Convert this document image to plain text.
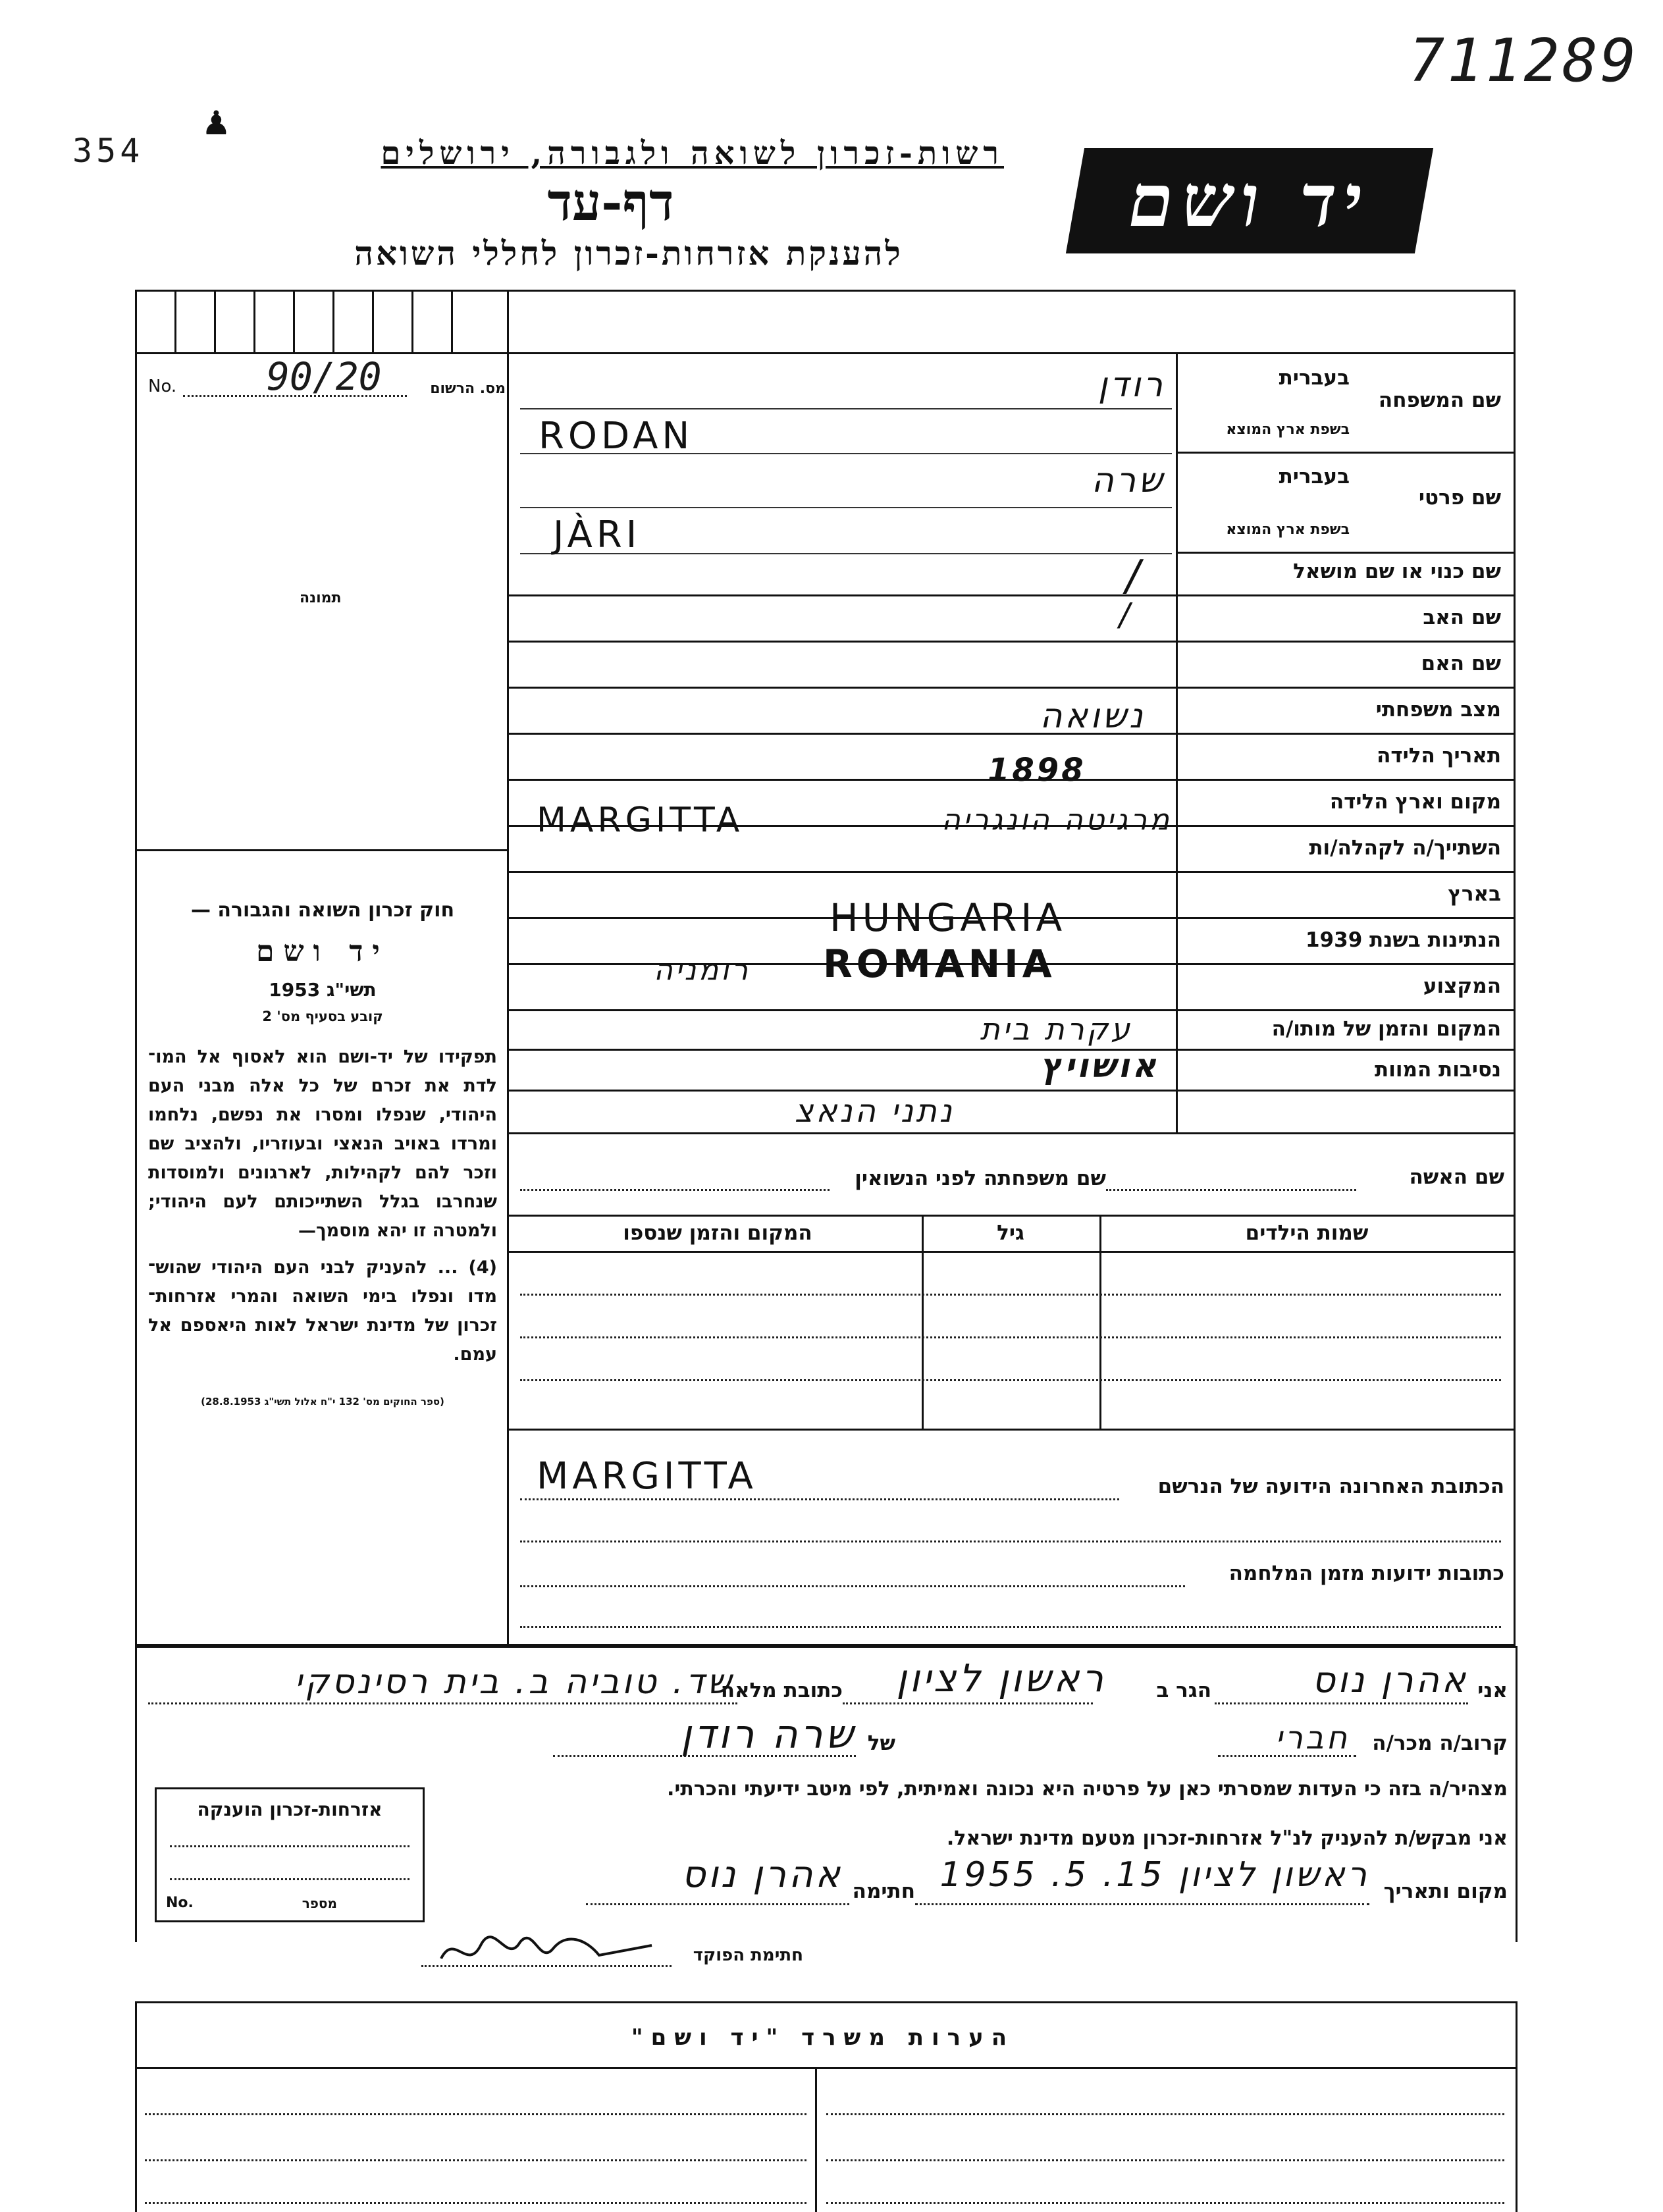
711289
354
♟
רשות-זכרון לשואה ולגבורה, ירושלים
דף-עד
להענקת אזרחות-זכרון לחללי השואה
יד ושם
מס. הרשום
No. 90/20
תמונה
שם המשפחה
בעברית
בשפת ארץ המוצא
שם פרטי
בעברית
בשפת ארץ המוצא
שם כנוי או שם מושאל
שם האב
שם האם
מצב משפחתי
תאריך הלידה
מקום וארץ הלידה
השתייך/ה לקהלה/ות
בארץ
הנתינות בשנת 1939
המקצוע
המקום והזמן של מותו/ה
נסיבות המוות
רודן
RODAN
שרה
JÀRI
/
/
נשואה
1898
MARGITTA	מרגיטה הונגריה
HUNGARIA
רומניה ROMANIA
עקרת בית
אושויץ
נתני הנאצ
שם האשה
שם משפחתה לפני הנשואין
שמות הילדים
גיל
המקום והזמן שנספו
הכתובת האחרונה הידועה של הנרשם
MARGITTA
כתובות ידועות מזמן המלחמה
חוק זכרון השואה והגבורה —
יד ושם
תשי"ג 1953
קובע בסעיף מס' 2
תפקידו של יד-ושם הוא לאסוף אל המו־ לדת את זכרם של כל אלה מבני העם היהודי, שנפלו ומסרו את נפשם, נלחמו ומרדו באויב הנאצי ובעוזריו, ולהציב שם וזכר להם לקהילות, לארגונים ולמוסדות שנחרבו בגלל השתייכותם לעם היהודי; ולמטרה זו יהא מוסמך—
(4) ... להעניק לבני העם היהודי שהוש־ מדו ונפלו בימי השואה והמרי אזרחות־ זכרון של מדינת ישראל לאות היאספם אל עמם.
(ספר החוקים מס' 132 י"ח אלול תשי"ג 28.8.1953)
אני
אהרן נוס
הגר ב
ראשון לציון
כתובת מלאה
שד. טוביה ב. בית רסינסקי
קרוב/ה מכר/ה
חברי
של
שרה רודן
מצהיר/ה בזה כי העדות שמסרתי כאן על פרטיה היא נכונה ואמיתית, לפי מיטב ידיעתי והכרתי.
אני מבקש/ת להעניק לנ"ל אזרחות-זכרון מטעם מדינת ישראל.
מקום ותאריך
ראשון לציון 15. 5. 1955
חתימה
אהרן נוס
חתימת הפוקד
אזרחות-זכרון הוענקה
No.	מספר
הערות משרד "יד ושם"
